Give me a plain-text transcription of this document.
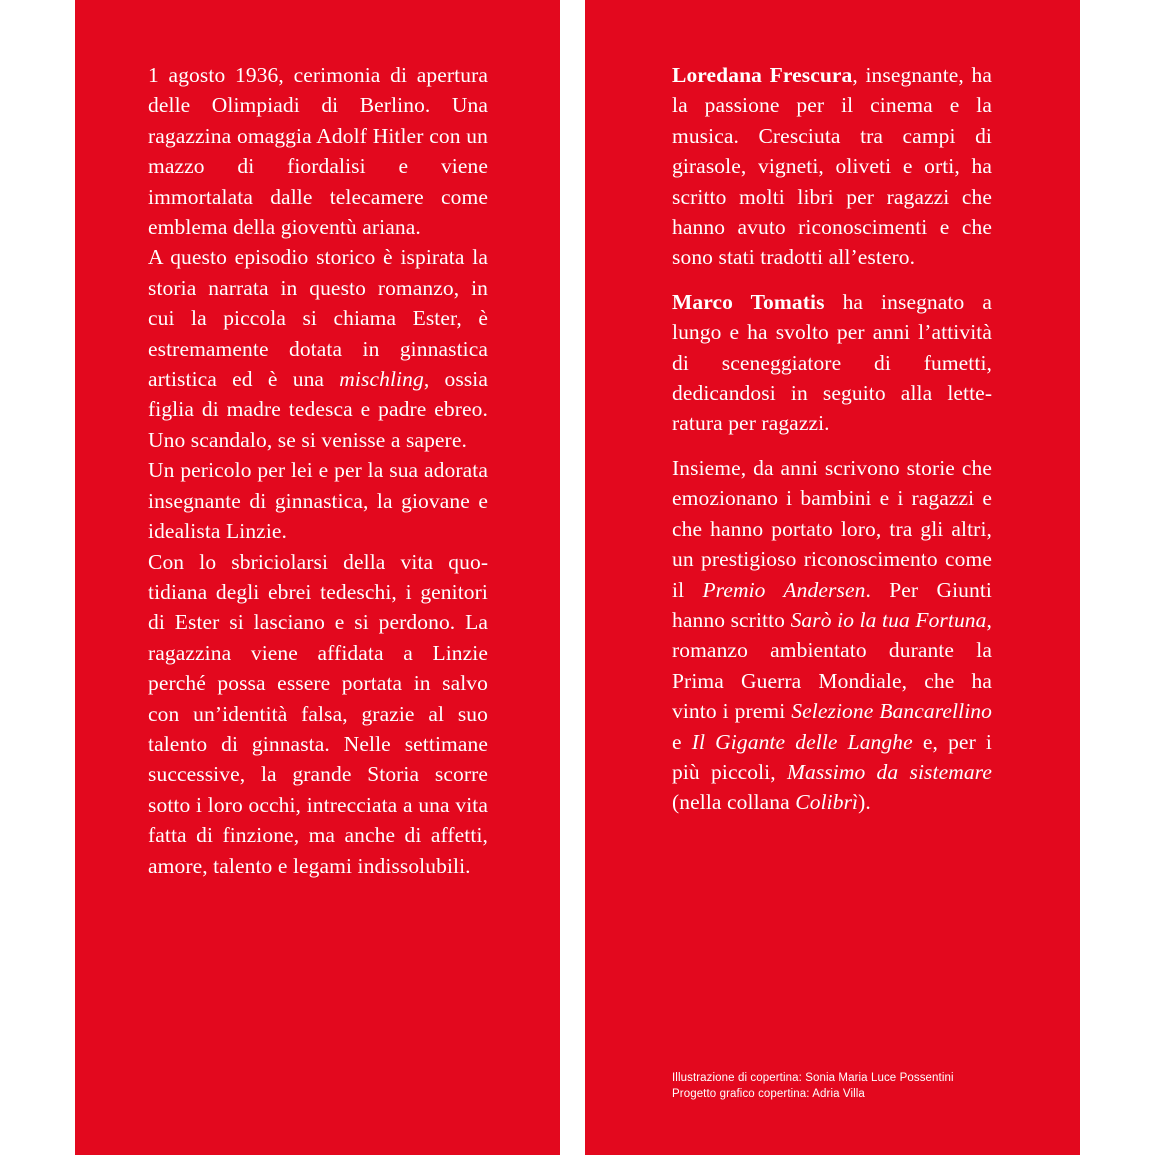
1 agosto 1936, cerimonia di apertura delle Olimpiadi di Berlino. Una ragazzina omaggia Adolf Hitler con un mazzo di fiordalisi e viene immortalata dalle telecamere come emblema della gioventù ariana.

A questo episodio storico è ispirata la storia narrata in questo romanzo, in cui la piccola si chiama Ester, è estremamente dotata in ginnastica artistica ed è una mischling, ossia figlia di madre tedesca e padre ebreo. Uno scandalo, se si venisse a sapere.

Un pericolo per lei e per la sua adorata insegnante di ginnastica, la giovane e idealista Linzie.

Con lo sbriciolarsi della vita quotidiana degli ebrei tedeschi, i genitori di Ester si lasciano e si perdono. La ragazzina viene affidata a Linzie perché possa essere portata in salvo con un’identità falsa, grazie al suo talento di ginnasta. Nelle settimane successive, la grande Storia scorre sotto i loro occhi, intrecciata a una vita fatta di finzione, ma anche di affetti, amore, talento e legami indissolubili.

Loredana Frescura, insegnante, ha la passione per il cinema e la musica. Cresciuta tra campi di girasole, vigneti, oliveti e orti, ha scritto molti libri per ragazzi che hanno avuto riconoscimenti e che sono stati tradotti all’estero.

Marco Tomatis ha insegnato a lungo e ha svolto per anni l’attività di sceneggiatore di fumetti, dedicandosi in seguito alla letteratura per ragazzi.

Insieme, da anni scrivono storie che emozionano i bambini e i ragazzi e che hanno portato loro, tra gli altri, un prestigioso riconoscimento come il Premio Andersen. Per Giunti hanno scritto Sarò io la tua Fortuna, romanzo ambientato durante la Prima Guerra Mondiale, che ha vinto i premi Selezione Bancarellino e Il Gigante delle Langhe e, per i più piccoli, Massimo da sistemare (nella collana Colibrì).

Illustrazione di copertina: Sonia Maria Luce Possentini
Progetto grafico copertina: Adria Villa
